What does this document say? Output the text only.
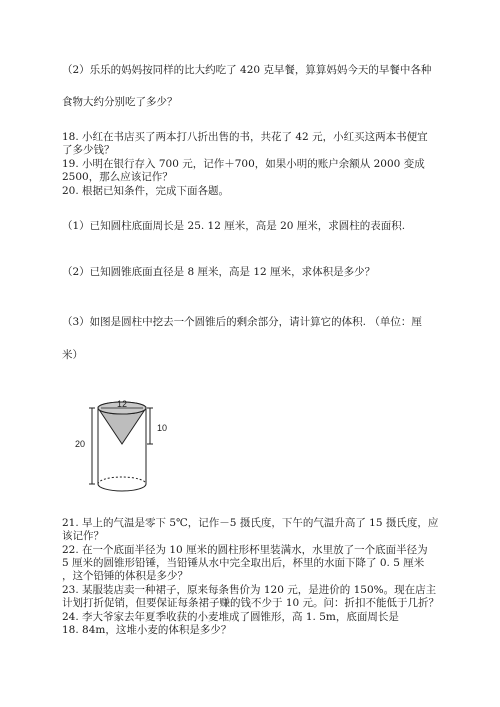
（2）乐乐的妈妈按同样的比大约吃了 420 克早餐，算算妈妈今天的早餐中各种
食物大约分别吃了多少？
18. 小红在书店买了两本打八折出售的书，共花了 42 元，小红买这两本书便宜
了多少钱？
19. 小明在银行存入 700 元，记作＋700，如果小明的账户余额从 2000 变成
2500，那么应该记作？
20. 根据已知条件，完成下面各题。
（1）已知圆柱底面周长是 25. 12 厘米，高是 20 厘米，求圆柱的表面积.
（2）已知圆锥底面直径是 8 厘米，高是 12 厘米，求体积是多少？
（3）如图是圆柱中挖去一个圆锥后的剩余部分，请计算它的体积. （单位：厘
米）
12
20
10
21. 早上的气温是零下 5℃，记作－5 摄氏度，下午的气温升高了 15 摄氏度，应
该记作？
22. 在一个底面半径为 10 厘米的圆柱形杯里装满水，水里放了一个底面半径为
5 厘米的圆锥形铅锤，当铅锤从水中完全取出后，杯里的水面下降了 0. 5 厘米
，这个铅锤的体积是多少？
23. 某服装店卖一种裙子，原来每条售价为 120 元，是进价的 150%。现在店主
计划打折促销，但要保证每条裙子赚的钱不少于 10 元。问：折扣不能低于几折？
24. 李大爷家去年夏季收获的小麦堆成了圆锥形，高 1. 5m，底面周长是
18. 84m，这堆小麦的体积是多少？
